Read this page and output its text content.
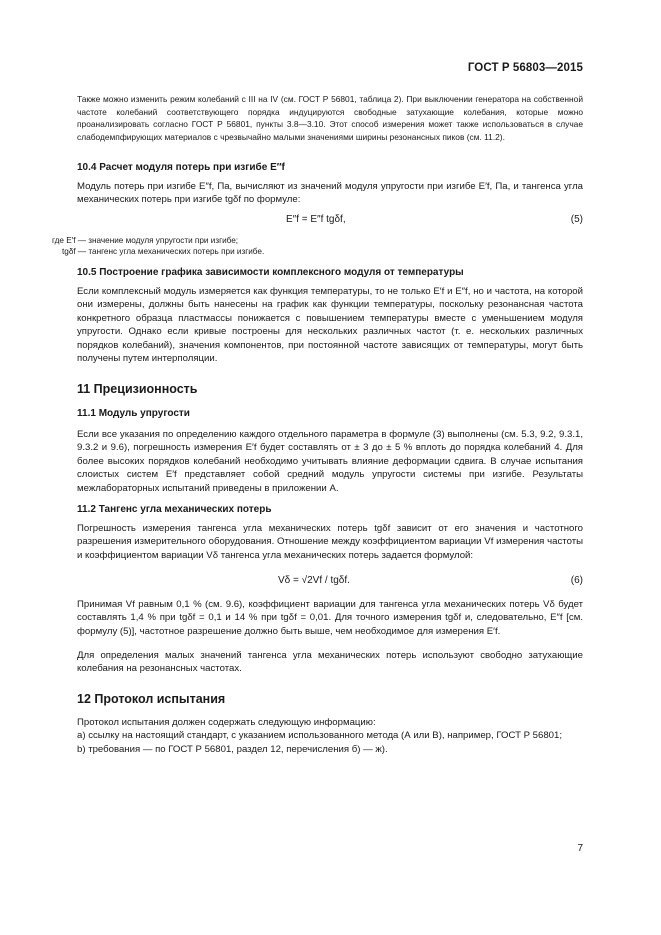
ГОСТ Р 56803—2015

Также можно изменить режим колебаний с III на IV (см. ГОСТ Р 56801, таблица 2). При выключении генератора на собственной частоте колебаний соответствующего порядка индуцируются свободные затухающие колебания, которые можно проанализировать согласно ГОСТ Р 56801, пункты 3.8—3.10. Этот способ измерения может также использоваться в случае слабодемпфирующих материалов с чрезвычайно малыми значениями ширины резонансных пиков (см. 11.2).

10.4 Расчет модуля потерь при изгибе E″f

Модуль потерь при изгибе E″f, Па, вычисляют из значений модуля упругости при изгибе E′f, Па, и тангенса угла механических потерь при изгибе tgδf по формуле:

E″f = E″f tgδf,	(5)
где E′f — значение модуля упругости при изгибе;
tgδf — тангенс угла механических потерь при изгибе.
10.5 Построение графика зависимости комплексного модуля от температуры

Если комплексный модуль измеряется как функция температуры, то не только E′f и E″f, но и частота, на которой они измерены, должны быть нанесены на график как функции температуры, поскольку резонансная частота конкретного образца пластмассы понижается с повышением температуры вместе с уменьшением модуля упругости. Однако если кривые построены для нескольких различных частот (т. е. нескольких различных порядков колебаний), значения компонентов, при постоянной частоте зависящих от температуры, могут быть получены путем интерполяции.

11 Прецизионность
11.1 Модуль упругости

Если все указания по определению каждого отдельного параметра в формуле (3) выполнены (см. 5.3, 9.2, 9.3.1, 9.3.2 и 9.6), погрешность измерения E′f будет составлять от ± 3 до ± 5 % вплоть до порядка колебаний 4. Для более высоких порядков колебаний необходимо учитывать влияние деформации сдвига. В случае испытания слоистых систем E′f представляет собой средний модуль упругости системы при изгибе. Результаты межлабораторных испытаний приведены в приложении А.

11.2 Тангенс угла механических потерь

Погрешность измерения тангенса угла механических потерь tgδf зависит от его значения и частотного разрешения измерительного оборудования. Отношение между коэффициентом вариации Vf измерения частоты и коэффициентом вариации Vδ тангенса угла механических потерь задается формулой:

Vδ = √2Vf / tgδf.	(6)

Принимая Vf равным 0,1 % (см. 9.6), коэффициент вариации для тангенса угла механических потерь Vδ будет составлять 1,4 % при tgδf = 0,1 и 14 % при tgδf = 0,01. Для точного измерения tgδf и, следовательно, E″f [см. формулу (5)], частотное разрешение должно быть выше, чем необходимое для измерения E′f.

Для определения малых значений тангенса угла механических потерь используют свободно затухающие колебания на резонансных частотах.

12 Протокол испытания

Протокол испытания должен содержать следующую информацию:

a) ссылку на настоящий стандарт, с указанием использованного метода (А или В), например, ГОСТ Р 56801;

b) требования — по ГОСТ Р 56801, раздел 12, перечисления б) — ж).

7
